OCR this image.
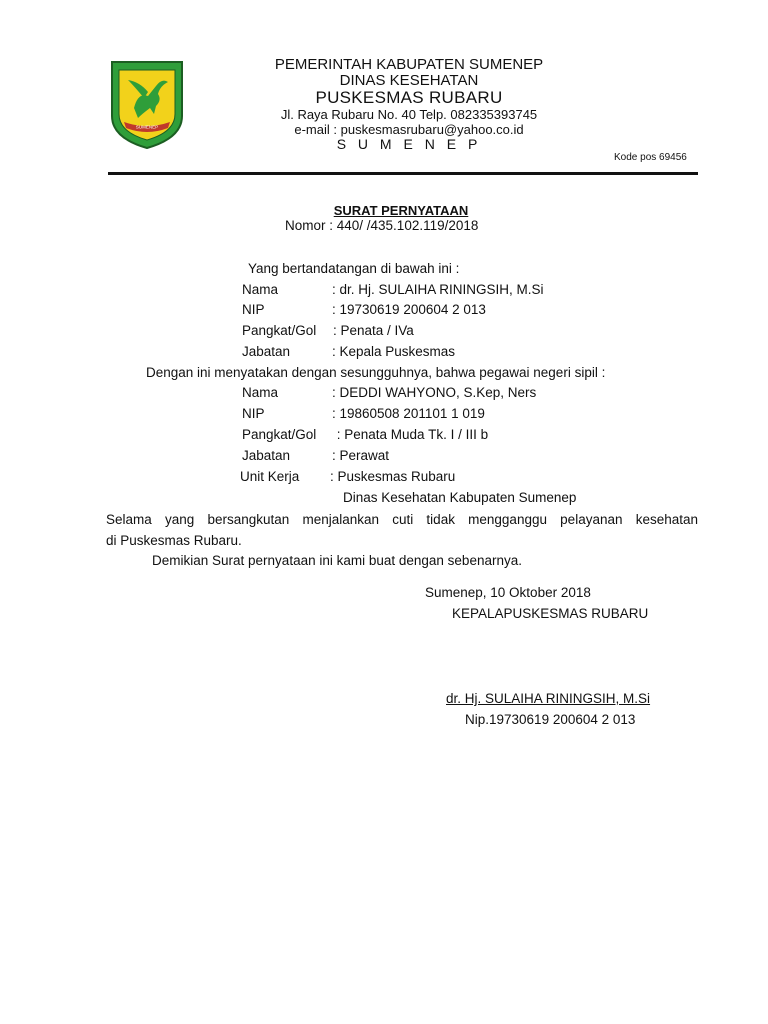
SUMENEP
PEMERINTAH KABUPATEN SUMENEP
DINAS KESEHATAN
PUSKESMAS RUBARU
Jl. Raya Rubaru No. 40 Telp. 082335393745
e-mail : puskesmasrubaru@yahoo.co.id
S U M E N E P
Kode pos 69456
SURAT PERNYATAAN
Nomor : 440/ /435.102.119/2018
Yang bertandatangan di bawah ini :
Nama	: dr. Hj. SULAIHA RININGSIH, M.Si
NIP	: 19730619 200604 2 013
Pangkat/Gol : Penata / IVa
Jabatan	: Kepala Puskesmas
Dengan ini menyatakan dengan sesungguhnya, bahwa pegawai negeri sipil :
Nama	: DEDDI WAHYONO, S.Kep, Ners
NIP	: 19860508 201101 1 019
Pangkat/Gol : Penata Muda Tk. I / III b
Jabatan	: Perawat
Unit Kerja : Puskesmas Rubaru
Dinas Kesehatan Kabupaten Sumenep
Selama yang bersangkutan menjalankan cuti tidak mengganggu pelayanan kesehatan
di Puskesmas Rubaru.
Demikian Surat pernyataan ini kami buat dengan sebenarnya.
Sumenep, 10 Oktober 2018
KEPALAPUSKESMAS RUBARU
dr. Hj. SULAIHA RININGSIH, M.Si
Nip.19730619 200604 2 013
